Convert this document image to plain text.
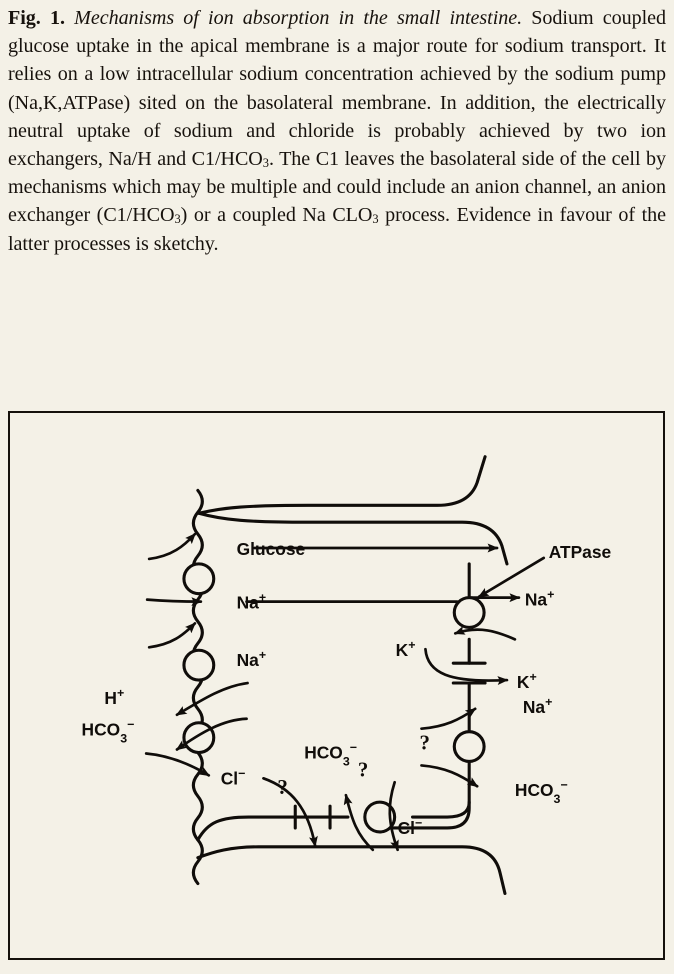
Fig. 1. Mechanisms of ion absorption in the small intestine. Sodium coupled glucose uptake in the apical membrane is a major route for sodium transport. It relies on a low intracellular sodium concentration achieved by the sodium pump (Na,K,ATPase) sited on the basolateral membrane. In addition, the electrically neutral uptake of sodium and chloride is probably achieved by two ion exchangers, Na/H and $C1/HCO_3$. The C1 leaves the basolateral side of the cell by mechanisms which may be multiple and could include an anion channel, an anion exchanger $(C1/HCO_3)$ or a coupled Na $CLO_3$ process. Evidence in favour of the latter processes is sketchy.
Glucose
Na+
Na+
H+
$HCO_3^-$
Cl−
ATPase
Na+
K+
K+
Na+
$HCO_3^-$
$HCO_3^-$
Cl−
?
?
?
